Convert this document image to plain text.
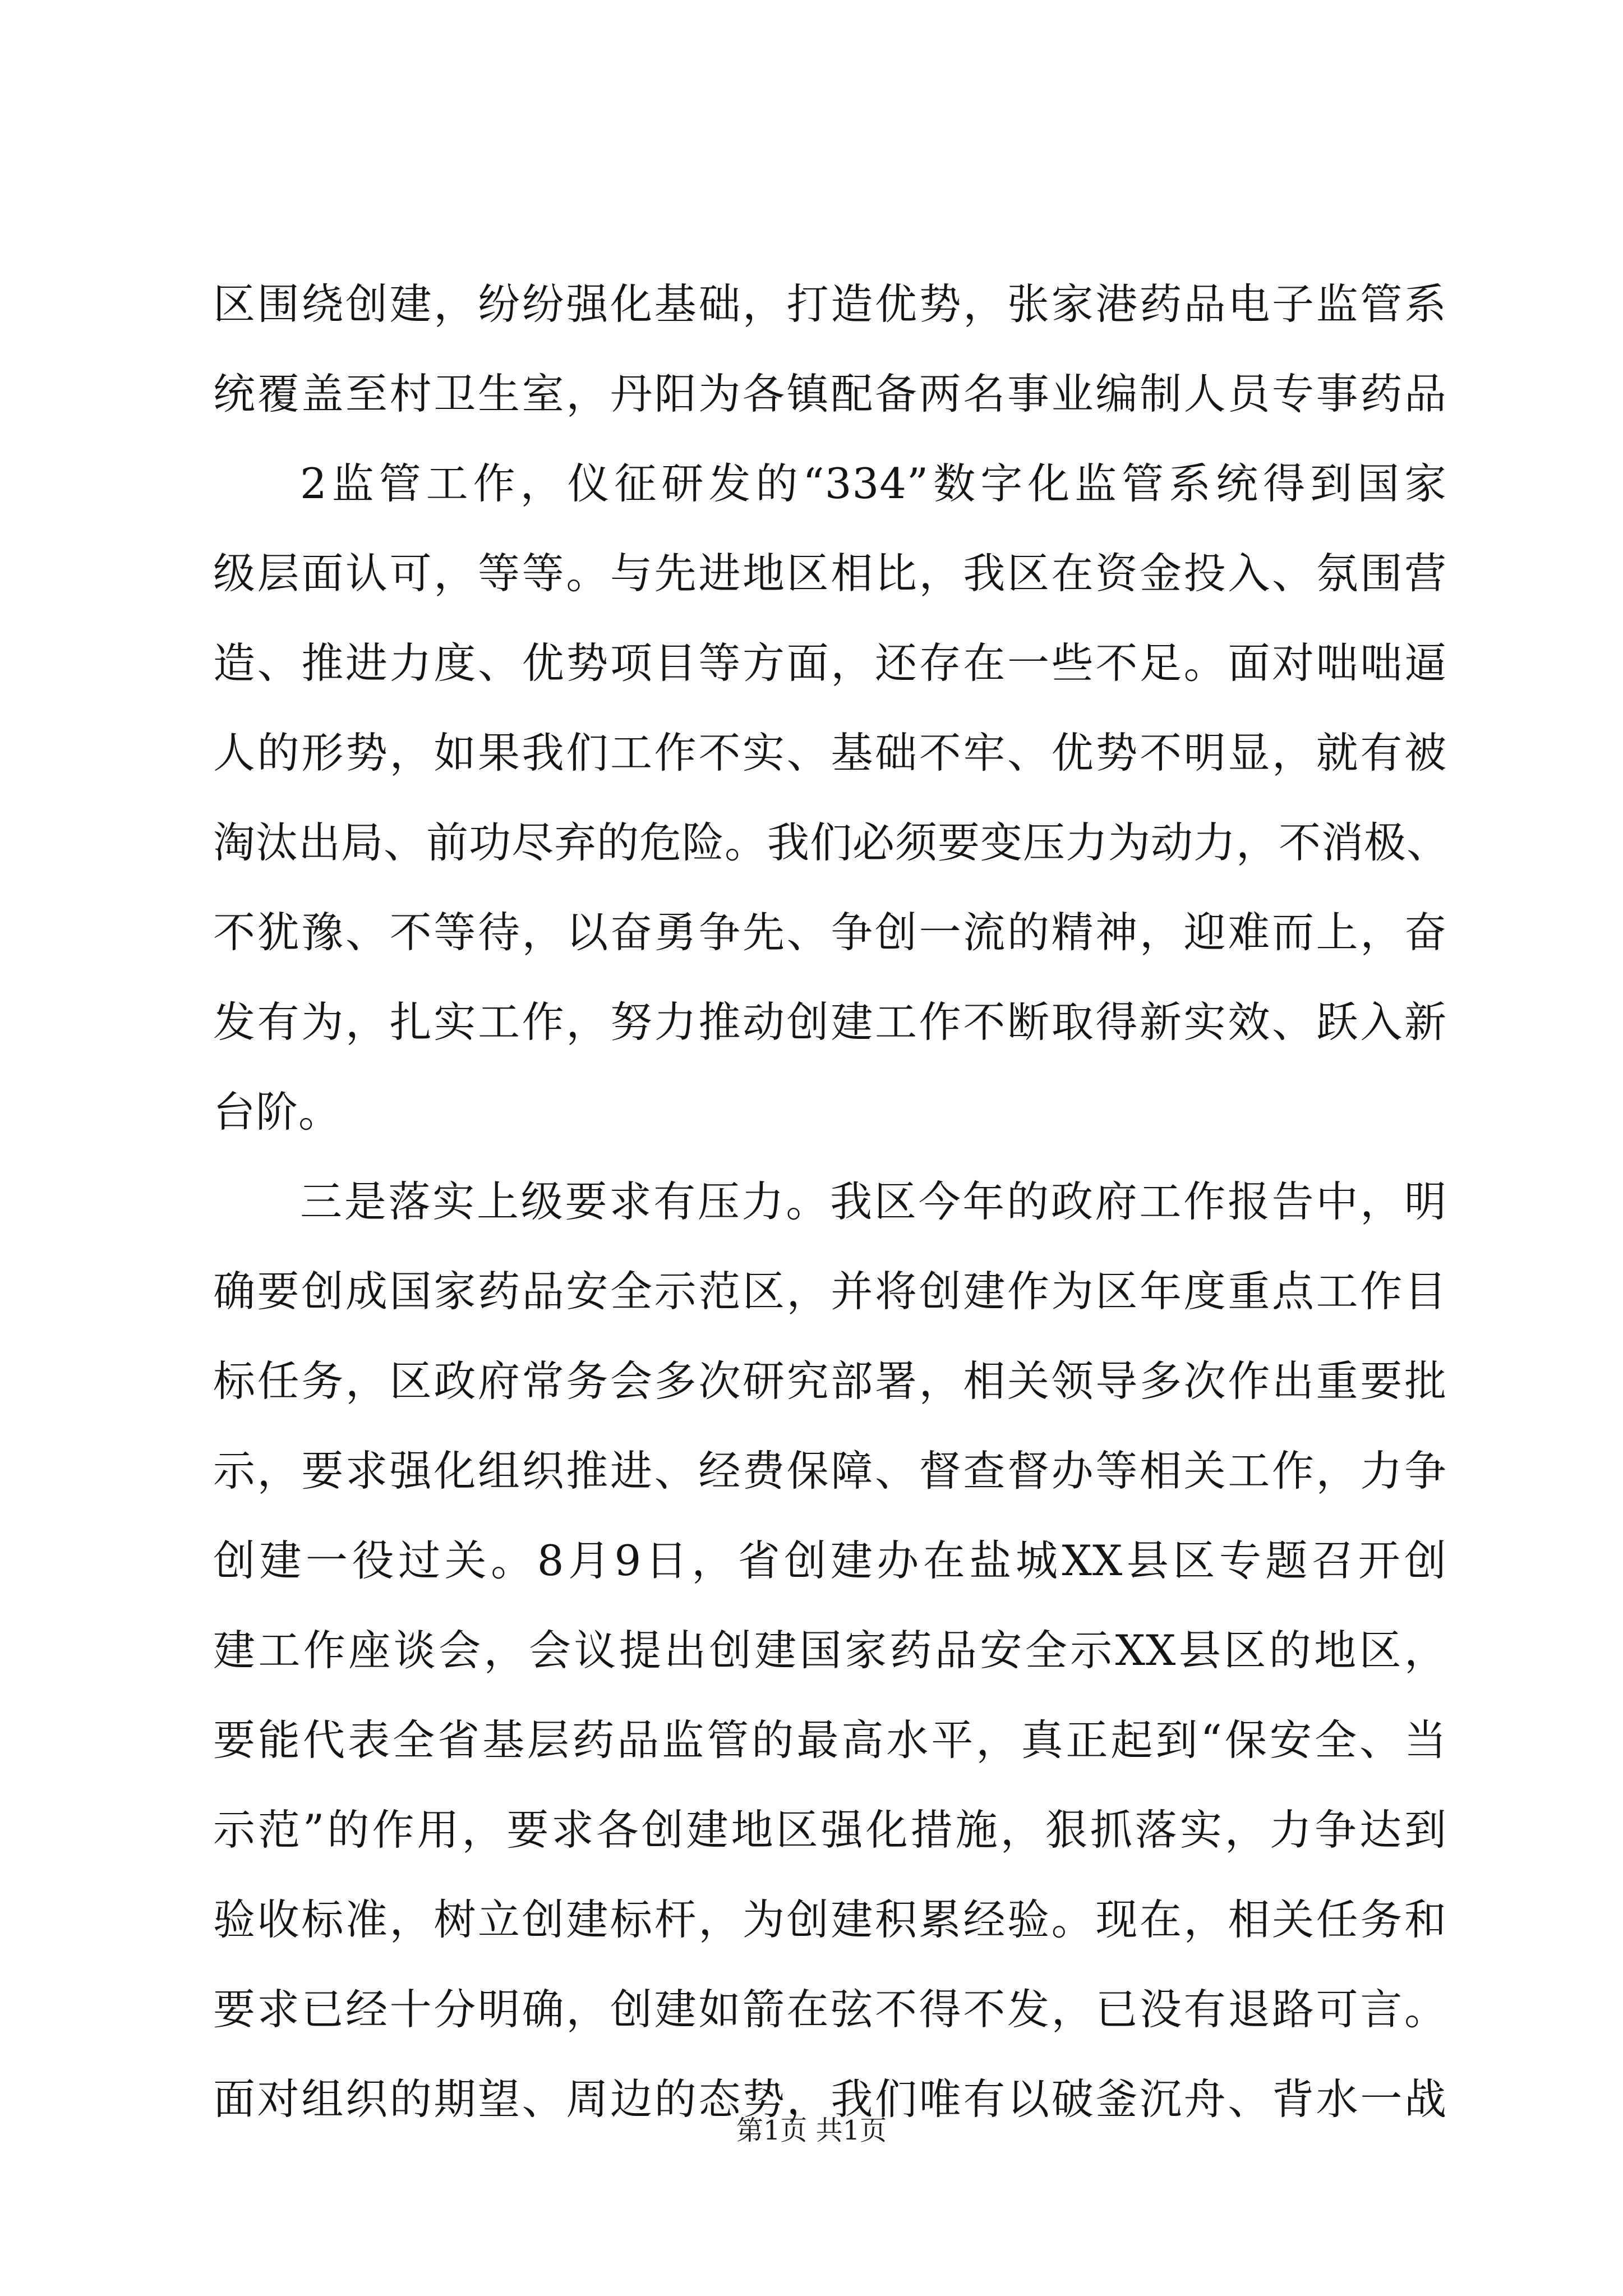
区围绕创建，纷纷强化基础，打造优势，张家港药品电子监管系
统覆盖至村卫生室，丹阳为各镇配备两名事业编制人员专事药品
2监管工作，仪征研发的“334”数字化监管系统得到国家
级层面认可，等等。与先进地区相比，我区在资金投入、氛围营
造、推进力度、优势项目等方面，还存在一些不足。面对咄咄逼
人的形势，如果我们工作不实、基础不牢、优势不明显，就有被
淘汰出局、前功尽弃的危险。我们必须要变压力为动力，不消极、
不犹豫、不等待，以奋勇争先、争创一流的精神，迎难而上，奋
发有为，扎实工作，努力推动创建工作不断取得新实效、跃入新
台阶。
三是落实上级要求有压力。我区今年的政府工作报告中，明
确要创成国家药品安全示范区，并将创建作为区年度重点工作目
标任务，区政府常务会多次研究部署，相关领导多次作出重要批
示，要求强化组织推进、经费保障、督查督办等相关工作，力争
创建一役过关。8月9日，省创建办在盐城XX县区专题召开创
建工作座谈会，会议提出创建国家药品安全示XX县区的地区，
要能代表全省基层药品监管的最高水平，真正起到“保安全、当
示范”的作用，要求各创建地区强化措施，狠抓落实，力争达到
验收标准，树立创建标杆，为创建积累经验。现在，相关任务和
要求已经十分明确，创建如箭在弦不得不发，已没有退路可言。
面对组织的期望、周边的态势，我们唯有以破釜沉舟、背水一战
第1页 共1页
